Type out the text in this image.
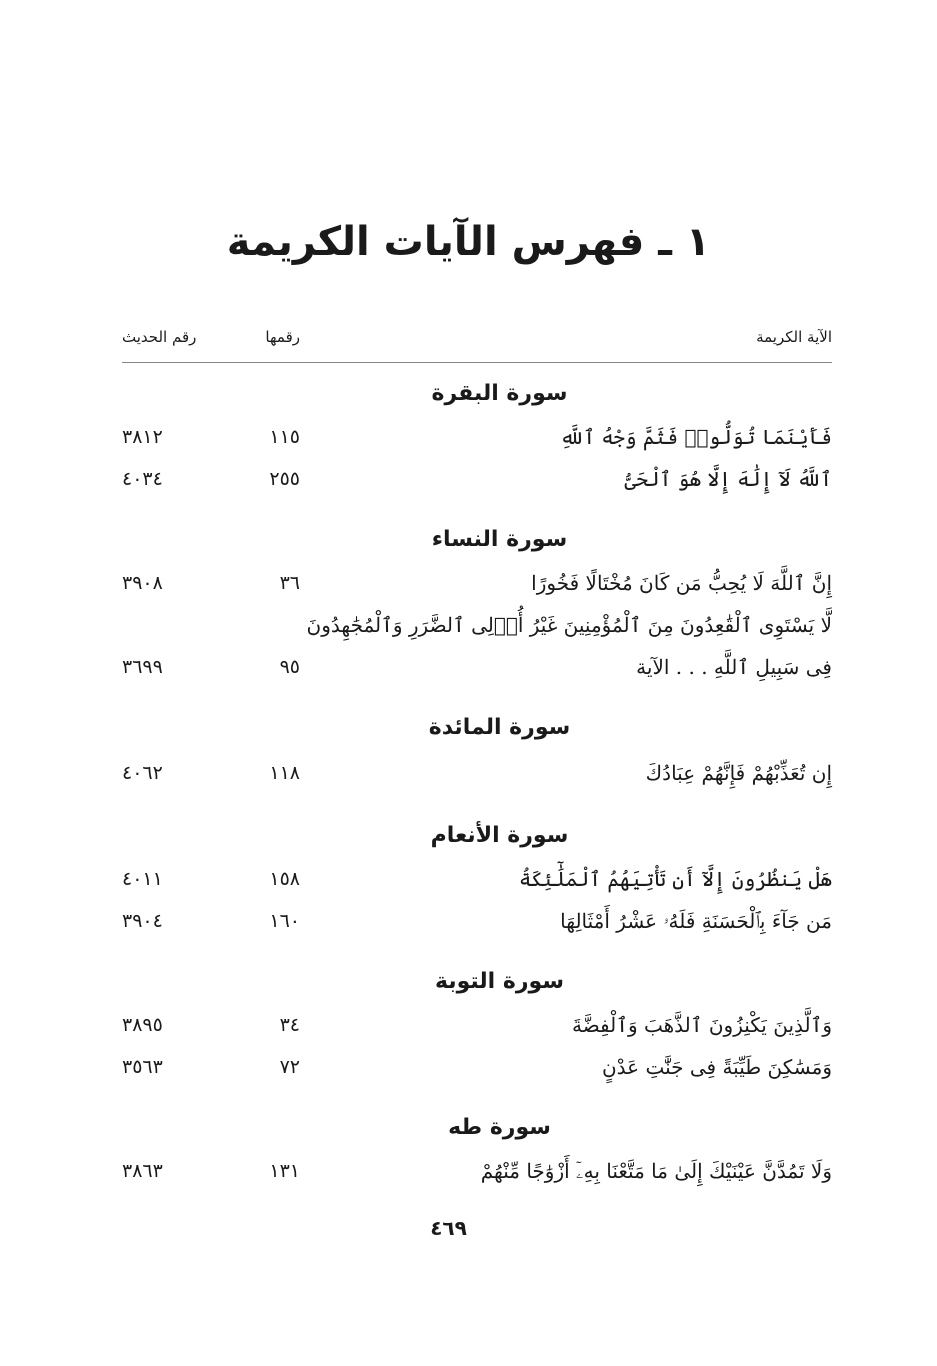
١ ـ فهرس الآيات الكريمة
الآية الكريمة
رقمها
رقم الحديث
سورة البقرة
فَأَيْنَمَا تُوَلُّوا۟ فَثَمَّ وَجْهُ ٱللَّهِ
١١٥
٣٨١٢
ٱللَّهُ لَآ إِلَٰهَ إِلَّا هُوَ ٱلْحَىُّ
٢٥٥
٤٠٣٤
سورة النساء
إِنَّ ٱللَّهَ لَا يُحِبُّ مَن كَانَ مُخْتَالًا فَخُورًا
٣٦
٣٩٠٨
لَّا يَسْتَوِى ٱلْقَٰعِدُونَ مِنَ ٱلْمُؤْمِنِينَ غَيْرُ أُو۟لِى ٱلضَّرَرِ وَٱلْمُجَٰهِدُونَ
فِى سَبِيلِ ٱللَّهِ . . . الآية
٩٥
٣٦٩٩
سورة المائدة
إِن تُعَذِّبْهُمْ فَإِنَّهُمْ عِبَادُكَ
١١٨
٤٠٦٢
سورة الأنعام
هَلْ يَنظُرُونَ إِلَّآ أَن تَأْتِيَهُمُ ٱلْمَلَٰٓئِكَةُ
١٥٨
٤٠١١
مَن جَآءَ بِٱلْحَسَنَةِ فَلَهُۥ عَشْرُ أَمْثَالِهَا
١٦٠
٣٩٠٤
سورة التوبة
وَٱلَّذِينَ يَكْنِزُونَ ٱلذَّهَبَ وَٱلْفِضَّةَ
٣٤
٣٨٩٥
وَمَسَٰكِنَ طَيِّبَةً فِى جَنَّٰتِ عَدْنٍ
٧٢
٣٥٦٣
سورة طه
وَلَا تَمُدَّنَّ عَيْنَيْكَ إِلَىٰ مَا مَتَّعْنَا بِهِۦٓ أَزْوَٰجًا مِّنْهُمْ
١٣١
٣٨٦٣
٤٦٩
